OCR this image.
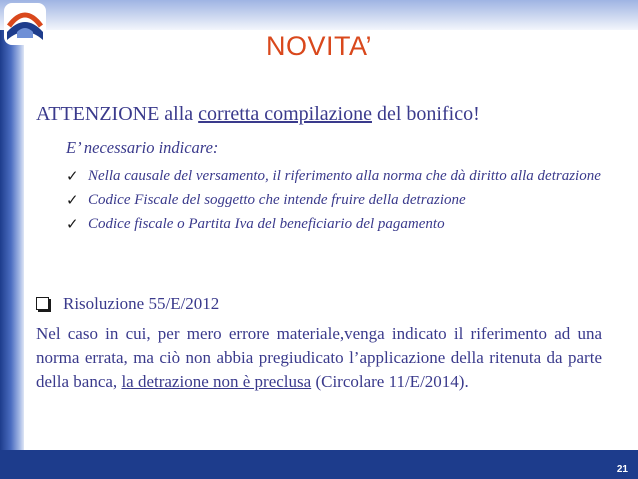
NOVITA’
ATTENZIONE alla corretta compilazione del bonifico!
E’ necessario indicare:
✓ Nella causale del versamento, il riferimento alla norma che dà diritto alla detrazione
✓ Codice Fiscale del soggetto che intende fruire della detrazione
✓ Codice fiscale o Partita Iva del beneficiario del pagamento
Risoluzione 55/E/2012
Nel caso in cui, per mero errore materiale,venga indicato il riferimento ad una norma errata, ma ciò non abbia pregiudicato l’applicazione della ritenuta da parte della banca, la detrazione non è preclusa (Circolare 11/E/2014).
21
